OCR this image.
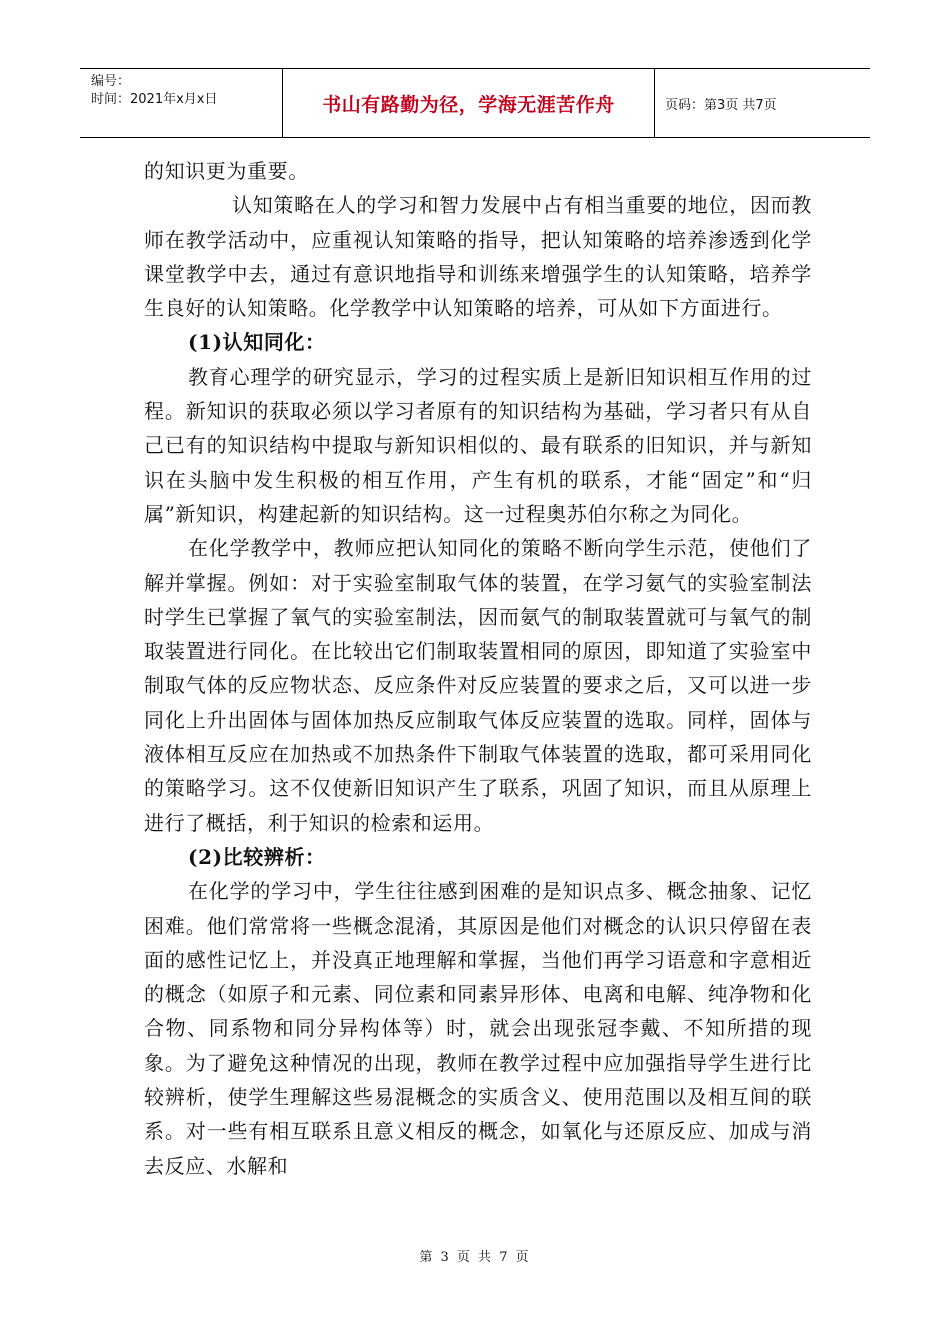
编号：
时间：2021年x月x日	书山有路勤为径，学海无涯苦作舟	页码：第3页 共7页

的知识更为重要。

认知策略在人的学习和智力发展中占有相当重要的地位，因而教师在教学活动中，应重视认知策略的指导，把认知策略的培养渗透到化学课堂教学中去，通过有意识地指导和训练来增强学生的认知策略，培养学生良好的认知策略。化学教学中认知策略的培养，可从如下方面进行。

(1)认知同化：

教育心理学的研究显示，学习的过程实质上是新旧知识相互作用的过程。新知识的获取必须以学习者原有的知识结构为基础，学习者只有从自己已有的知识结构中提取与新知识相似的、最有联系的旧知识，并与新知识在头脑中发生积极的相互作用，产生有机的联系，才能“固定”和“归属”新知识，构建起新的知识结构。这一过程奥苏伯尔称之为同化。

在化学教学中，教师应把认知同化的策略不断向学生示范，使他们了解并掌握。例如：对于实验室制取气体的装置，在学习氨气的实验室制法时学生已掌握了氧气的实验室制法，因而氨气的制取装置就可与氧气的制取装置进行同化。在比较出它们制取装置相同的原因，即知道了实验室中制取气体的反应物状态、反应条件对反应装置的要求之后，又可以进一步同化上升出固体与固体加热反应制取气体反应装置的选取。同样，固体与液体相互反应在加热或不加热条件下制取气体装置的选取，都可采用同化的策略学习。这不仅使新旧知识产生了联系，巩固了知识，而且从原理上进行了概括，利于知识的检索和运用。

(2)比较辨析：

在化学的学习中，学生往往感到困难的是知识点多、概念抽象、记忆困难。他们常常将一些概念混淆，其原因是他们对概念的认识只停留在表面的感性记忆上，并没真正地理解和掌握，当他们再学习语意和字意相近的概念（如原子和元素、同位素和同素异形体、电离和电解、纯净物和化合物、同系物和同分异构体等）时，就会出现张冠李戴、不知所措的现象。为了避免这种情况的出现，教师在教学过程中应加强指导学生进行比较辨析，使学生理解这些易混概念的实质含义、使用范围以及相互间的联系。对一些有相互联系且意义相反的概念，如氧化与还原反应、加成与消去反应、水解和

第 3 页 共 7 页
